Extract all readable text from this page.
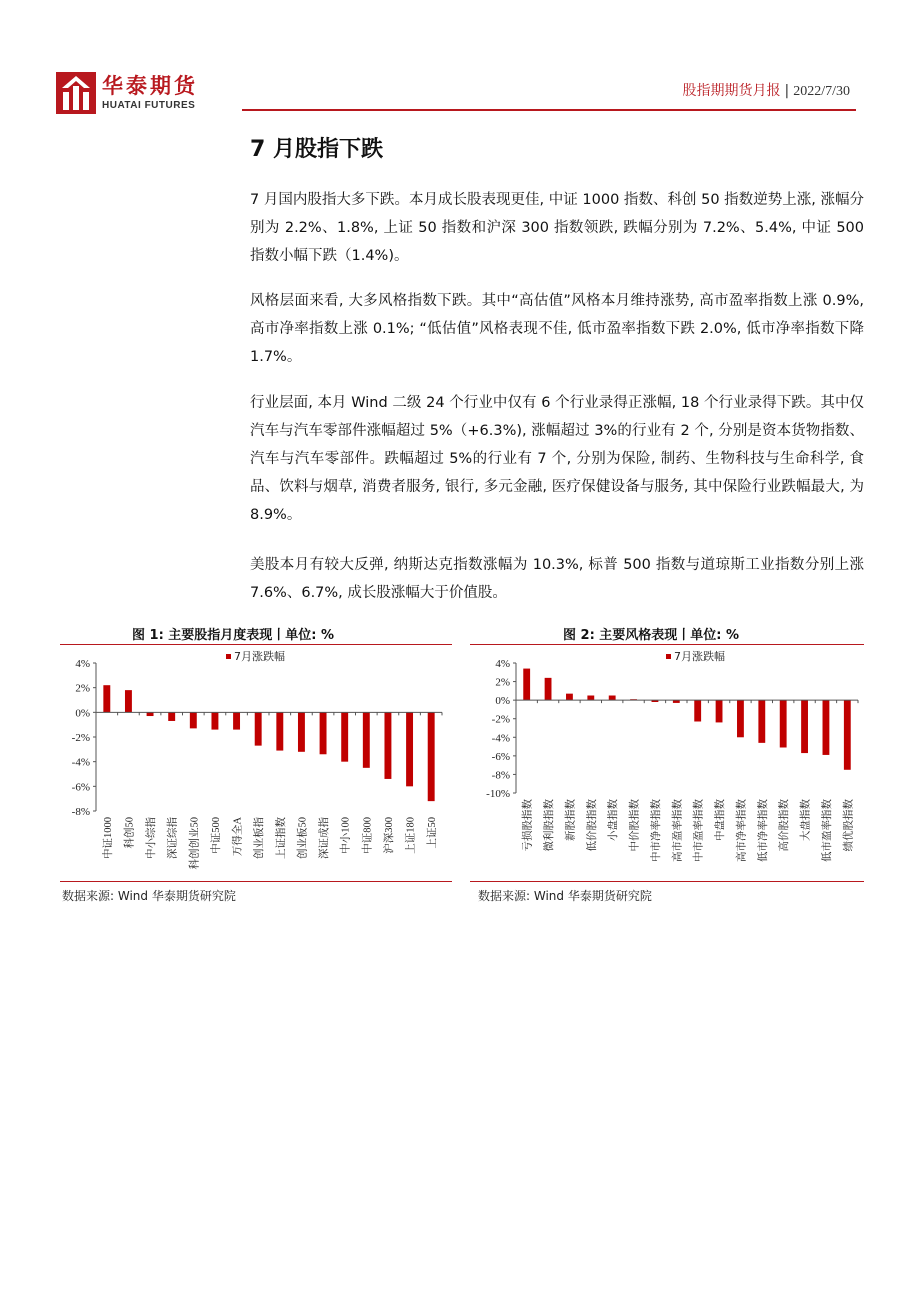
华泰期货
HUATAI FUTURES
股指期期货月报 | 2022/7/30
7 月股指下跌

7 月国内股指大多下跌。本月成长股表现更佳, 中证 1000 指数、科创 50 指数逆势上涨, 涨幅分别为 2.2%、1.8%, 上证 50 指数和沪深 300 指数领跌, 跌幅分别为 7.2%、5.4%, 中证 500 指数小幅下跌（1.4%)。

风格层面来看, 大多风格指数下跌。其中“高估值”风格本月维持涨势, 高市盈率指数上涨 0.9%, 高市净率指数上涨 0.1%; “低估值”风格表现不佳, 低市盈率指数下跌 2.0%, 低市净率指数下降 1.7%。

行业层面, 本月 Wind 二级 24 个行业中仅有 6 个行业录得正涨幅, 18 个行业录得下跌。其中仅汽车与汽车零部件涨幅超过 5%（+6.3%), 涨幅超过 3%的行业有 2 个, 分别是资本货物指数、汽车与汽车零部件。跌幅超过 5%的行业有 7 个, 分别为保险, 制药、生物科技与生命科学, 食品、饮料与烟草, 消费者服务, 银行, 多元金融, 医疗保健设备与服务, 其中保险行业跌幅最大, 为 8.9%。

美股本月有较大反弹, 纳斯达克指数涨幅为 10.3%, 标普 500 指数与道琼斯工业指数分别上涨 7.6%、6.7%, 成长股涨幅大于价值股。

图 1: 主要股指月度表现丨单位: %
7月涨跌幅
4%
2%
0%
-2%
-4%
-6%
-8%
中证1000 科创50 中小综指 深证综指 科创创业50 中证500 万得全A 创业板指 上证指数 创业板50 深证成指 中小100 中证800 沪深300 上证180 上证50
数据来源: Wind 华泰期货研究院
图 2: 主要风格表现丨单位: %
7月涨跌幅
4%
2%
0%
-2%
-4%
-6%
-8%
-10%
亏损股指数 微利股指数 新股指数 低价股指数 小盘指数 中价股指数 中市净率指数 高市盈率指数 中市盈率指数 中盘指数 高市净率指数 低市净率指数 高价股指数 大盘指数 低市盈率指数 绩优股指数
数据来源: Wind 华泰期货研究院
